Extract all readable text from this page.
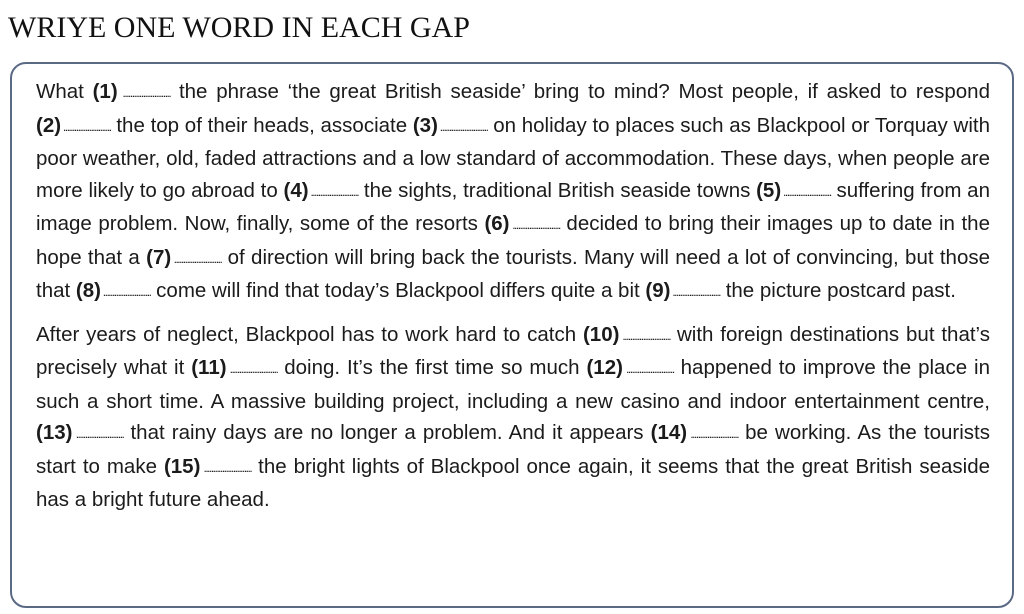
WRIYE ONE WORD IN EACH GAP

What (1) .......................... the phrase ‘the great British seaside’ bring to mind? Most people, if asked to respond (2) .......................... the top of their heads, associate (3) .......................... on holiday to places such as Blackpool or Torquay with poor weather, old, faded attractions and a low standard of accommodation. These days, when people are more likely to go abroad to (4) .......................... the sights, traditional British seaside towns (5) .......................... suffering from an image problem. Now, finally, some of the resorts (6) .......................... decided to bring their images up to date in the hope that a (7) .......................... of direction will bring back the tourists. Many will need a lot of convincing, but those that (8) .......................... come will find that today’s Blackpool differs quite a bit (9) .......................... the picture postcard past.

After years of neglect, Blackpool has to work hard to catch (10) .......................... with foreign destinations but that’s precisely what it (11) .......................... doing. It’s the first time so much (12) .......................... happened to improve the place in such a short time. A massive building project, including a new casino and indoor entertainment centre, (13) .......................... that rainy days are no longer a problem. And it appears (14) .......................... be working. As the tourists start to make (15) .......................... the bright lights of Blackpool once again, it seems that the great British seaside has a bright future ahead.
